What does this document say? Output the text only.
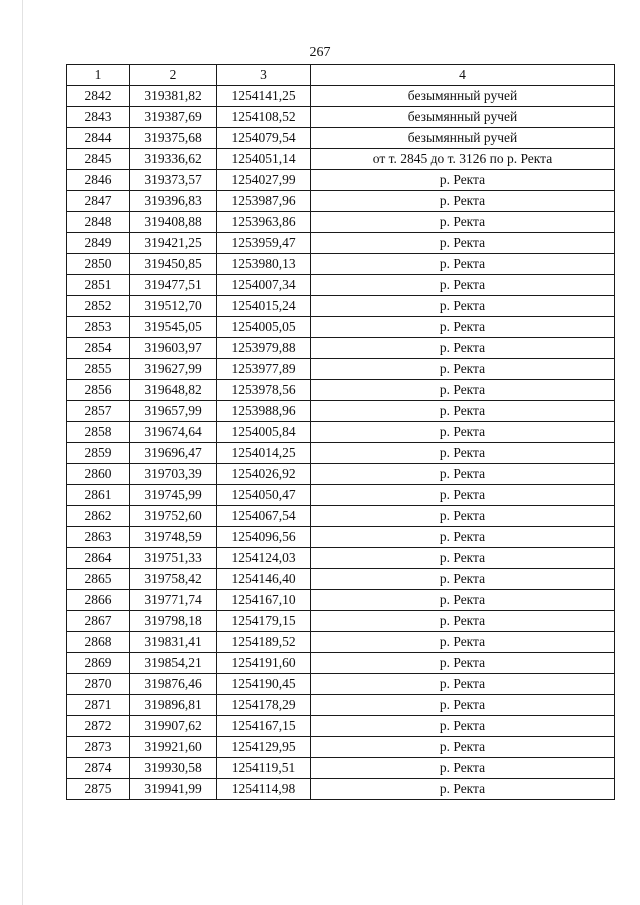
267
1	2	3	4
2842	319381,82	1254141,25	безымянный ручей
2843	319387,69	1254108,52	безымянный ручей
2844	319375,68	1254079,54	безымянный ручей
2845	319336,62	1254051,14	от т. 2845 до т. 3126 по р. Ректа
2846	319373,57	1254027,99	р. Ректа
2847	319396,83	1253987,96	р. Ректа
2848	319408,88	1253963,86	р. Ректа
2849	319421,25	1253959,47	р. Ректа
2850	319450,85	1253980,13	р. Ректа
2851	319477,51	1254007,34	р. Ректа
2852	319512,70	1254015,24	р. Ректа
2853	319545,05	1254005,05	р. Ректа
2854	319603,97	1253979,88	р. Ректа
2855	319627,99	1253977,89	р. Ректа
2856	319648,82	1253978,56	р. Ректа
2857	319657,99	1253988,96	р. Ректа
2858	319674,64	1254005,84	р. Ректа
2859	319696,47	1254014,25	р. Ректа
2860	319703,39	1254026,92	р. Ректа
2861	319745,99	1254050,47	р. Ректа
2862	319752,60	1254067,54	р. Ректа
2863	319748,59	1254096,56	р. Ректа
2864	319751,33	1254124,03	р. Ректа
2865	319758,42	1254146,40	р. Ректа
2866	319771,74	1254167,10	р. Ректа
2867	319798,18	1254179,15	р. Ректа
2868	319831,41	1254189,52	р. Ректа
2869	319854,21	1254191,60	р. Ректа
2870	319876,46	1254190,45	р. Ректа
2871	319896,81	1254178,29	р. Ректа
2872	319907,62	1254167,15	р. Ректа
2873	319921,60	1254129,95	р. Ректа
2874	319930,58	1254119,51	р. Ректа
2875	319941,99	1254114,98	р. Ректа
